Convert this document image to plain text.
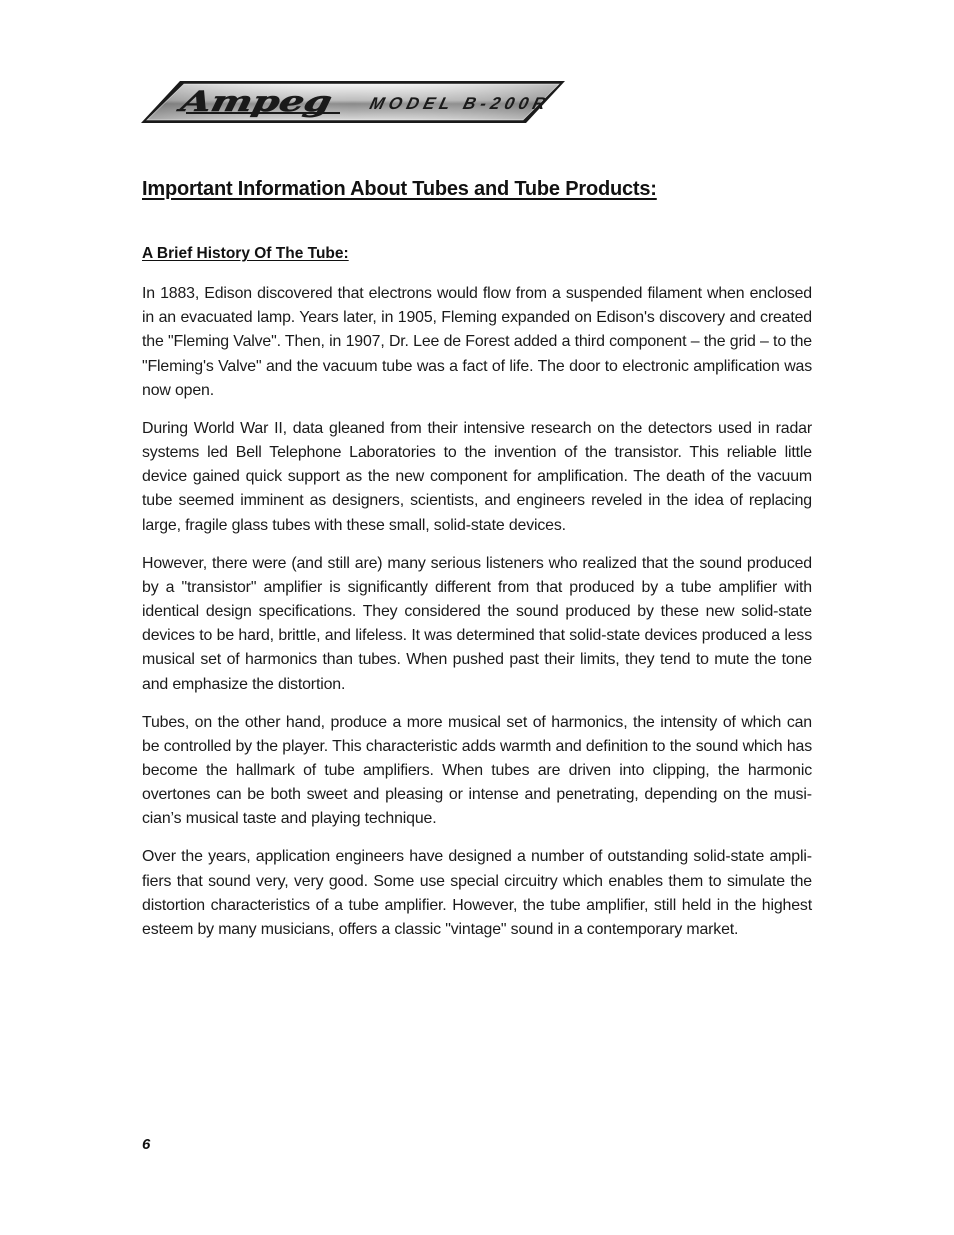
Ampeg	MODEL B-200R
Important Information About Tubes and Tube Products:
A Brief History Of The Tube:

In 1883, Edison discovered that electrons would flow from a suspended filament when enclosed in an evacuated lamp. Years later, in 1905, Fleming expanded on Edison's discovery and created the "Fleming Valve". Then, in 1907, Dr. Lee de Forest added a third component – the grid – to the "Fleming's Valve" and the vacuum tube was a fact of life. The door to electronic amplification was now open.

During World War II, data gleaned from their intensive research on the detectors used in radar systems led Bell Telephone Laboratories to the invention of the transistor. This reliable little device gained quick support as the new component for amplification. The death of the vacuum tube seemed imminent as designers, scientists, and engineers reveled in the idea of replacing large, fragile glass tubes with these small, solid-state devices.

However, there were (and still are) many serious listeners who realized that the sound produced by a "transistor" amplifier is significantly different from that produced by a tube amplifier with identical design specifications. They considered the sound produced by these new solid-state devices to be hard, brittle, and lifeless. It was determined that solid-state devices produced a less musical set of harmonics than tubes. When pushed past their limits, they tend to mute the tone and emphasize the distortion.

Tubes, on the other hand, produce a more musical set of harmonics, the intensity of which can be controlled by the player. This characteristic adds warmth and definition to the sound which has become the hallmark of tube amplifiers. When tubes are driven into clipping, the harmonic overtones can be both sweet and pleasing or intense and penetrating, depending on the musician’s musical taste and playing technique.

Over the years, application engineers have designed a number of outstanding solid-state amplifiers that sound very, very good. Some use special circuitry which enables them to simulate the distortion characteristics of a tube amplifier. However, the tube amplifier, still held in the highest esteem by many musicians, offers a classic "vintage" sound in a contemporary market.

6
